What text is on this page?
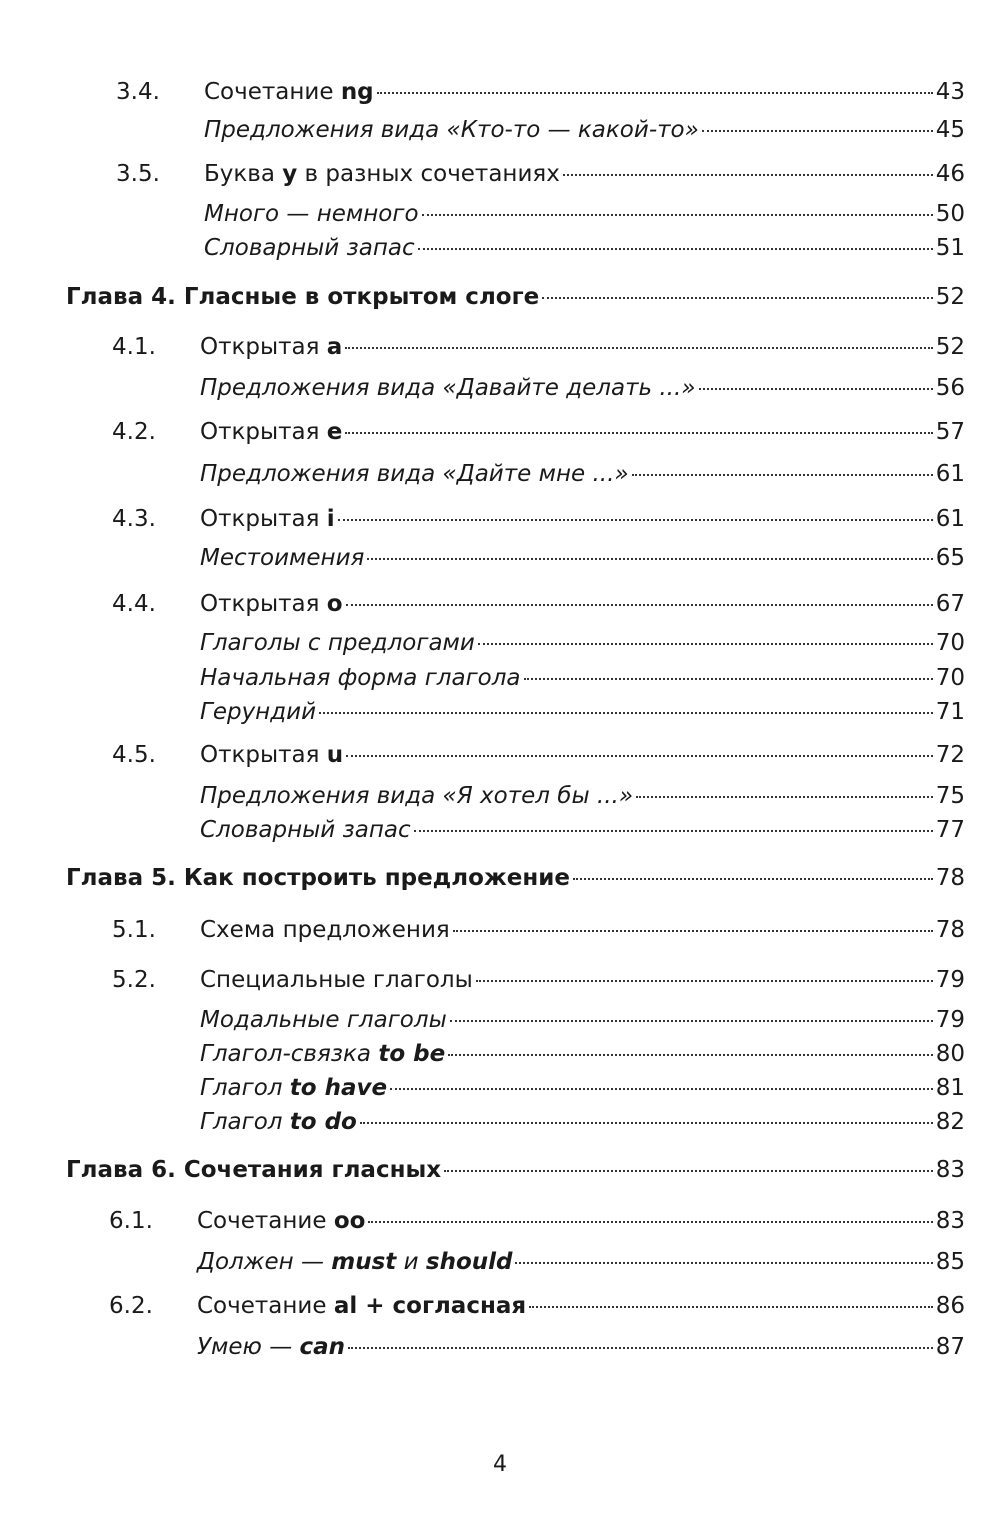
3.4.	Сочетание ng	43
Предложения вида «Кто-то — какой-то»	45
3.5.	Буква y в разных сочетаниях	46
Много — немного	50
Словарный запас	51
Глава 4. Гласные в открытом слоге	52
4.1.	Открытая a	52
Предложения вида «Давайте делать ...»	56
4.2.	Открытая e	57
Предложения вида «Дайте мне ...»	61
4.3.	Открытая i	61
Местоимения	65
4.4.	Открытая o	67
Глаголы с предлогами	70
Начальная форма глагола	70
Герундий	71
4.5.	Открытая u	72
Предложения вида «Я хотел бы ...»	75
Словарный запас	77
Глава 5. Как построить предложение	78
5.1.	Схема предложения	78
5.2.	Специальные глаголы	79
Модальные глаголы	79
Глагол-связка to be	80
Глагол to have	81
Глагол to do	82
Глава 6. Сочетания гласных	83
6.1.	Сочетание oo	83
Должен — must и should	85
6.2.	Сочетание al + согласная	86
Умею — can	87
4
